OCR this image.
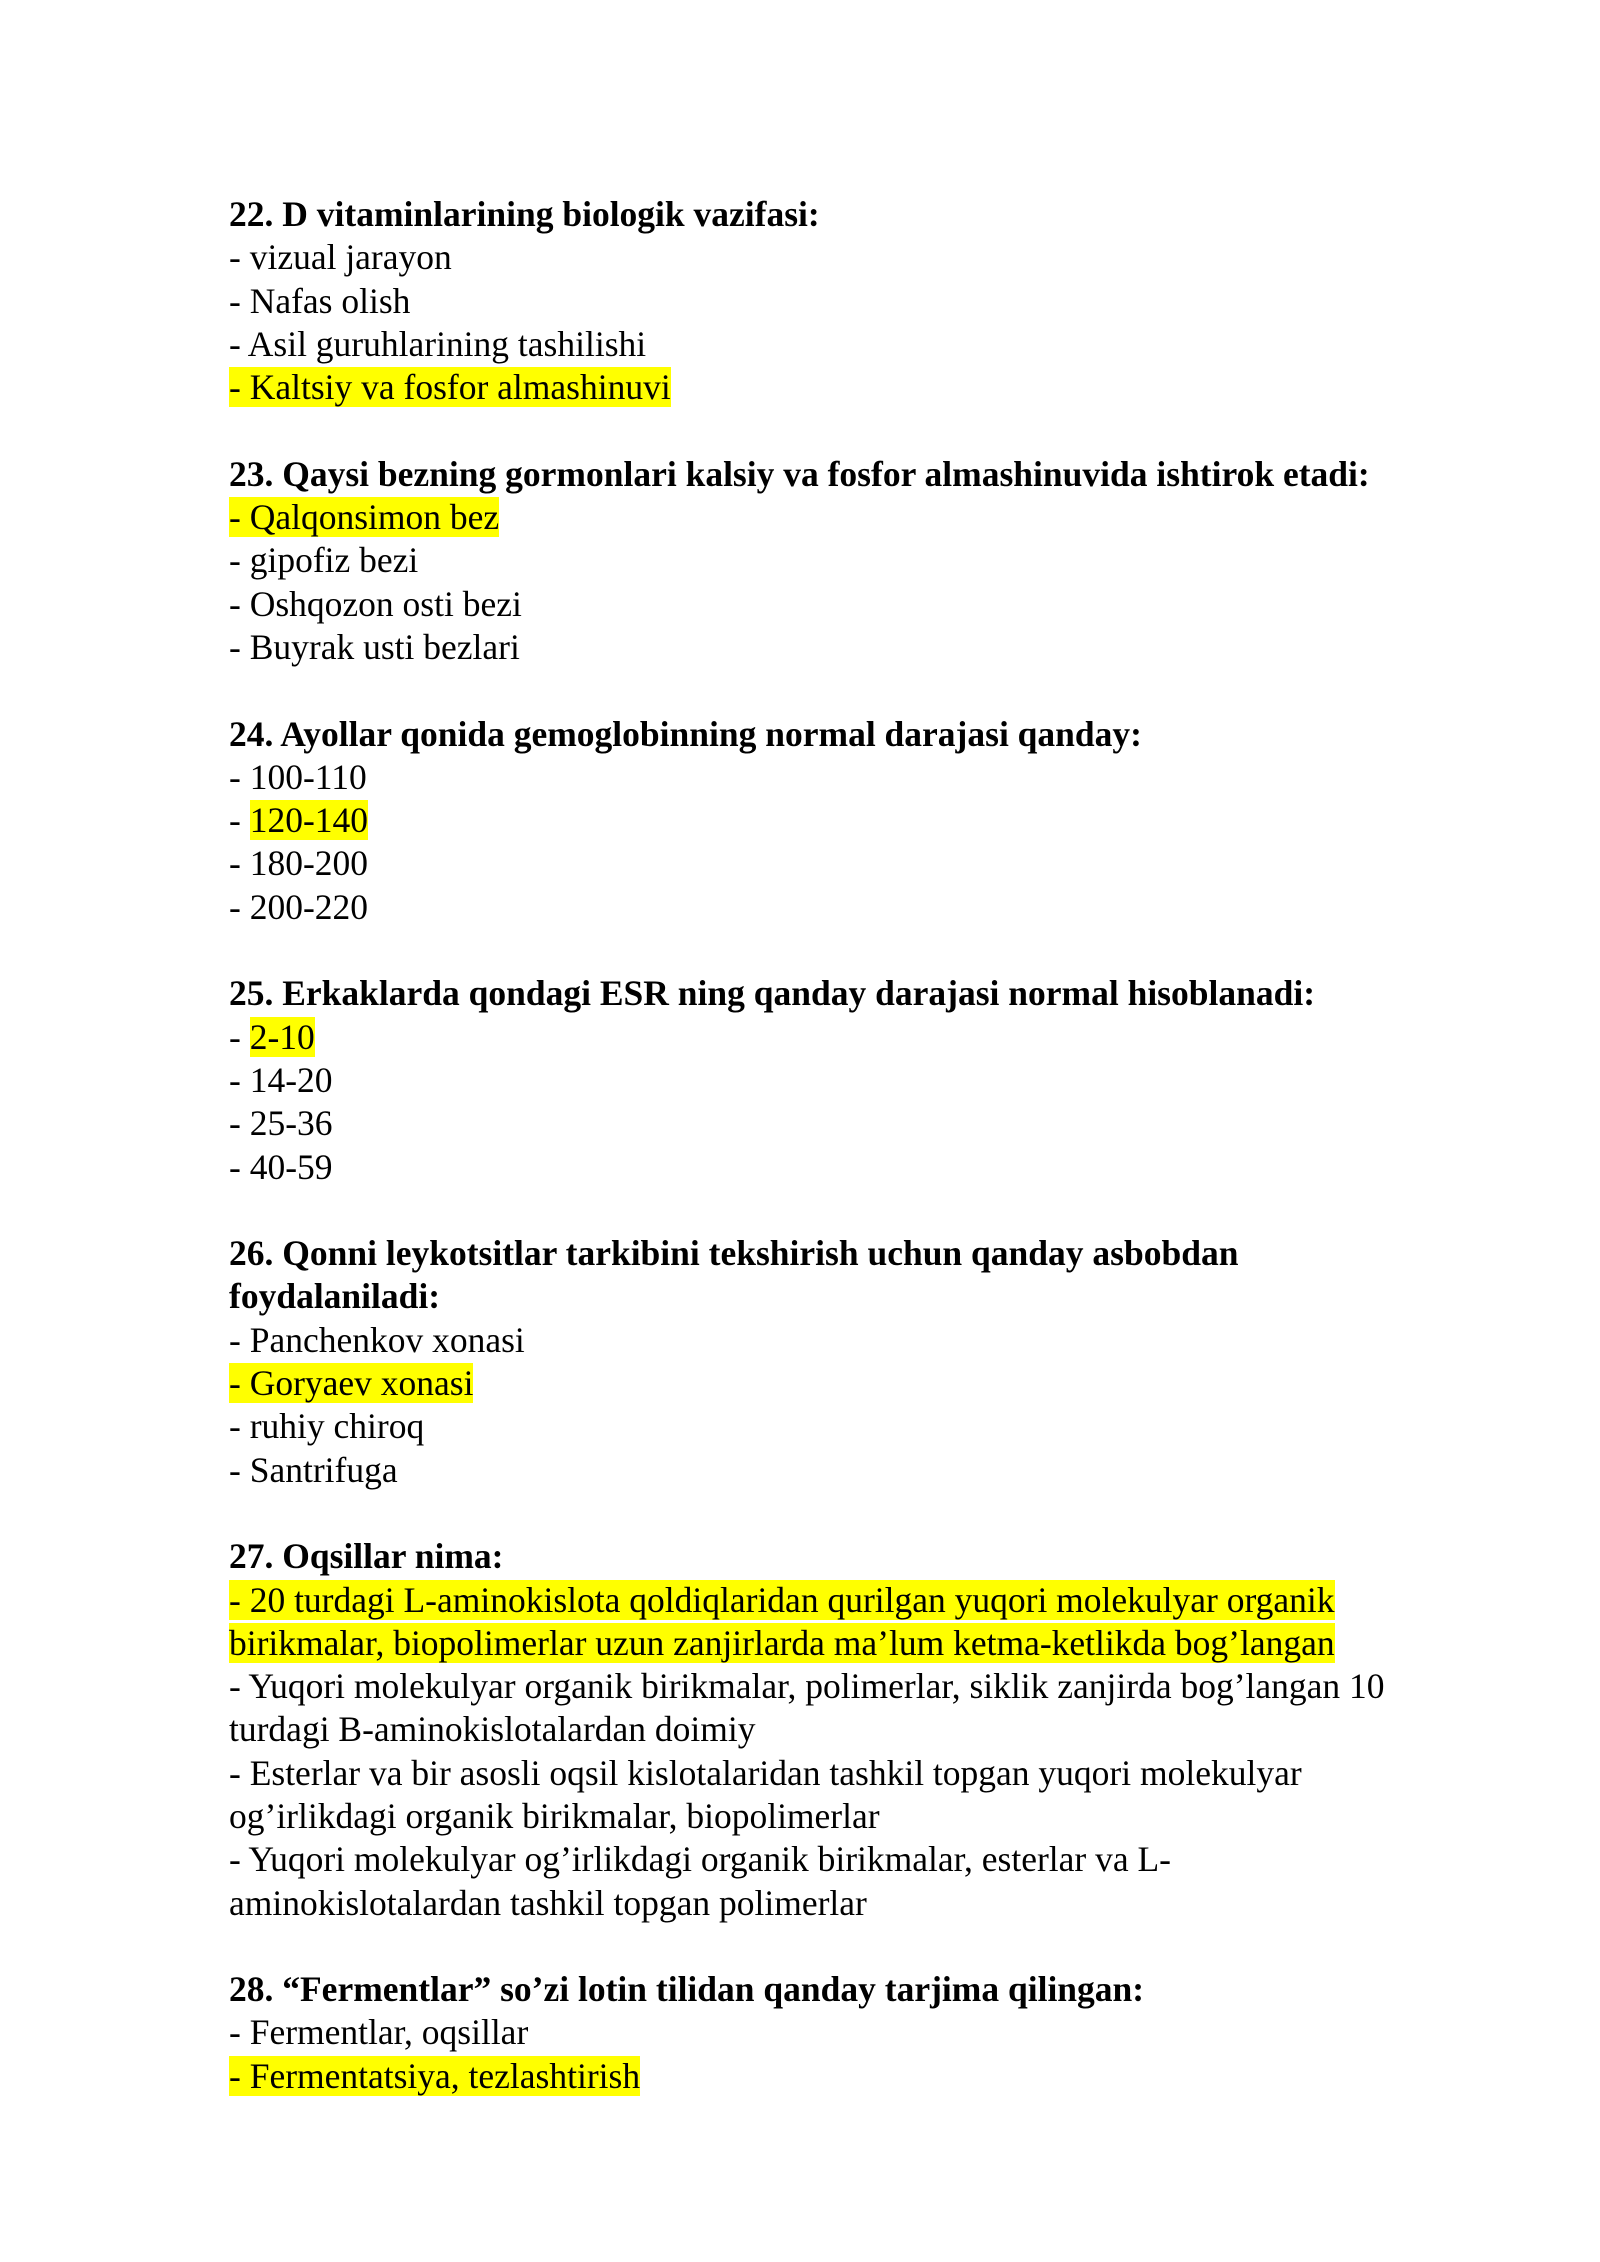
22. D vitaminlarining biologik vazifasi:
- vizual jarayon
- Nafas olish
- Asil guruhlarining tashilishi
- Kaltsiy va fosfor almashinuvi
23. Qaysi bezning gormonlari kalsiy va fosfor almashinuvida ishtirok etadi:
- Qalqonsimon bez
- gipofiz bezi
- Oshqozon osti bezi
- Buyrak usti bezlari
24. Ayollar qonida gemoglobinning normal darajasi qanday:
- 100-110
- 120-140
- 180-200
- 200-220
25. Erkaklarda qondagi ESR ning qanday darajasi normal hisoblanadi:
- 2-10
- 14-20
- 25-36
- 40-59
26. Qonni leykotsitlar tarkibini tekshirish uchun qanday asbobdan
foydalaniladi:
- Panchenkov xonasi
- Goryaev xonasi
- ruhiy chiroq
- Santrifuga
27. Oqsillar nima:
- 20 turdagi L-aminokislota qoldiqlaridan qurilgan yuqori molekulyar organik
birikmalar, biopolimerlar uzun zanjirlarda ma’lum ketma-ketlikda bog’langan
- Yuqori molekulyar organik birikmalar, polimerlar, siklik zanjirda bog’langan 10
turdagi B-aminokislotalardan doimiy
- Esterlar va bir asosli oqsil kislotalaridan tashkil topgan yuqori molekulyar
og’irlikdagi organik birikmalar, biopolimerlar
- Yuqori molekulyar og’irlikdagi organik birikmalar, esterlar va L-
aminokislotalardan tashkil topgan polimerlar
28. “Fermentlar” so’zi lotin tilidan qanday tarjima qilingan:
- Fermentlar, oqsillar
- Fermentatsiya, tezlashtirish
